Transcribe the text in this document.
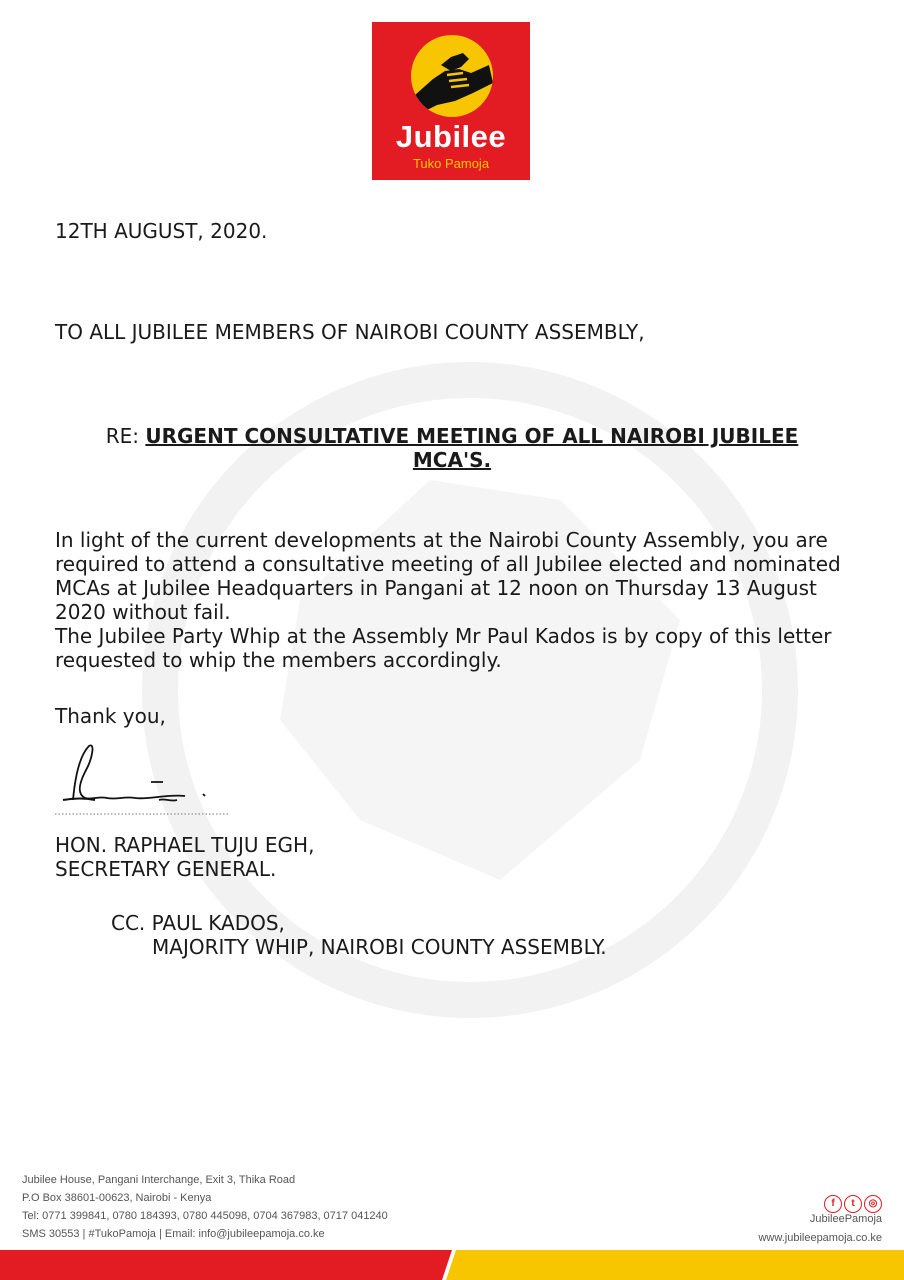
Jubilee
Tuko Pamoja
12TH AUGUST, 2020.
TO ALL JUBILEE MEMBERS OF NAIROBI COUNTY ASSEMBLY,
RE: URGENT CONSULTATIVE MEETING OF ALL NAIROBI JUBILEE
MCA'S.

In light of the current developments at the Nairobi County Assembly, you are required to attend a consultative meeting of all Jubilee elected and nominated MCAs at Jubilee Headquarters in Pangani at 12 noon on Thursday 13 August 2020 without fail.

The Jubilee Party Whip at the Assembly Mr Paul Kados is by copy of this letter requested to whip the members accordingly.

Thank you,
HON. RAPHAEL TUJU EGH,
SECRETARY GENERAL.
CC. PAUL KADOS,
MAJORITY WHIP, NAIROBI COUNTY ASSEMBLY.
Jubilee House, Pangani Interchange, Exit 3, Thika Road
P.O Box 38601-00623, Nairobi - Kenya
Tel: 0771 399841, 0780 184393, 0780 445098, 0704 367983, 0717 041240
SMS 30553 | #TukoPamoja | Email: info@jubileepamoja.co.ke
f t ◎
JubileePamoja
www.jubileepamoja.co.ke
